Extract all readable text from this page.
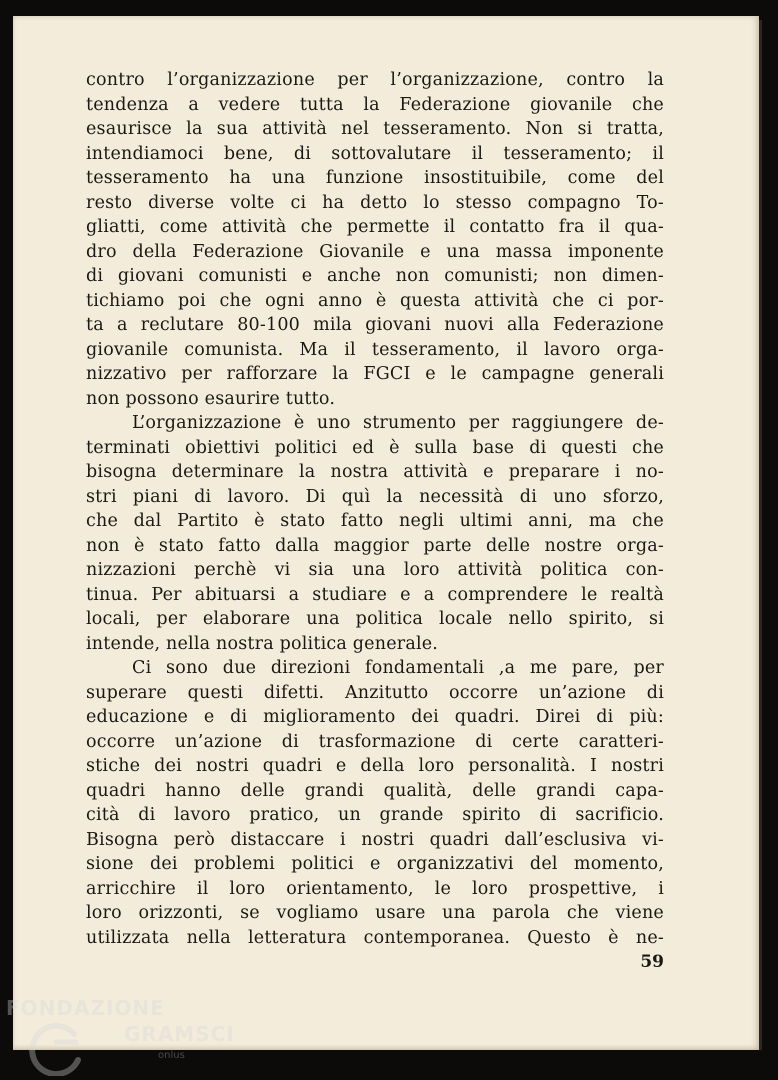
contro l’organizzazione per l’organizzazione, contro la
tendenza a vedere tutta la Federazione giovanile che
esaurisce la sua attività nel tesseramento. Non si tratta,
intendiamoci bene, di sottovalutare il tesseramento; il
tesseramento ha una funzione insostituibile, come del
resto diverse volte ci ha detto lo stesso compagno To-
gliatti, come attività che permette il contatto fra il qua-
dro della Federazione Giovanile e una massa imponente
di giovani comunisti e anche non comunisti; non dimen-
tichiamo poi che ogni anno è questa attività che ci por-
ta a reclutare 80-100 mila giovani nuovi alla Federazione
giovanile comunista. Ma il tesseramento, il lavoro orga-
nizzativo per rafforzare la FGCI e le campagne generali
non possono esaurire tutto.
L’organizzazione è uno strumento per raggiungere de-
terminati obiettivi politici ed è sulla base di questi che
bisogna determinare la nostra attività e preparare i no-
stri piani di lavoro. Di quì la necessità di uno sforzo,
che dal Partito è stato fatto negli ultimi anni, ma che
non è stato fatto dalla maggior parte delle nostre orga-
nizzazioni perchè vi sia una loro attività politica con-
tinua. Per abituarsi a studiare e a comprendere le realtà
locali, per elaborare una politica locale nello spirito, si
intende, nella nostra politica generale.
Ci sono due direzioni fondamentali ,a me pare, per
superare questi difetti. Anzitutto occorre un’azione di
educazione e di miglioramento dei quadri. Direi di più:
occorre un’azione di trasformazione di certe caratteri-
stiche dei nostri quadri e della loro personalità. I nostri
quadri hanno delle grandi qualità, delle grandi capa-
cità di lavoro pratico, un grande spirito di sacrificio.
Bisogna però distaccare i nostri quadri dall’esclusiva vi-
sione dei problemi politici e organizzativi del momento,
arricchire il loro orientamento, le loro prospettive, i
loro orizzonti, se vogliamo usare una parola che viene
utilizzata nella letteratura contemporanea. Questo è ne-
59
FONDAZIONE
GRAMSCI
onlus
